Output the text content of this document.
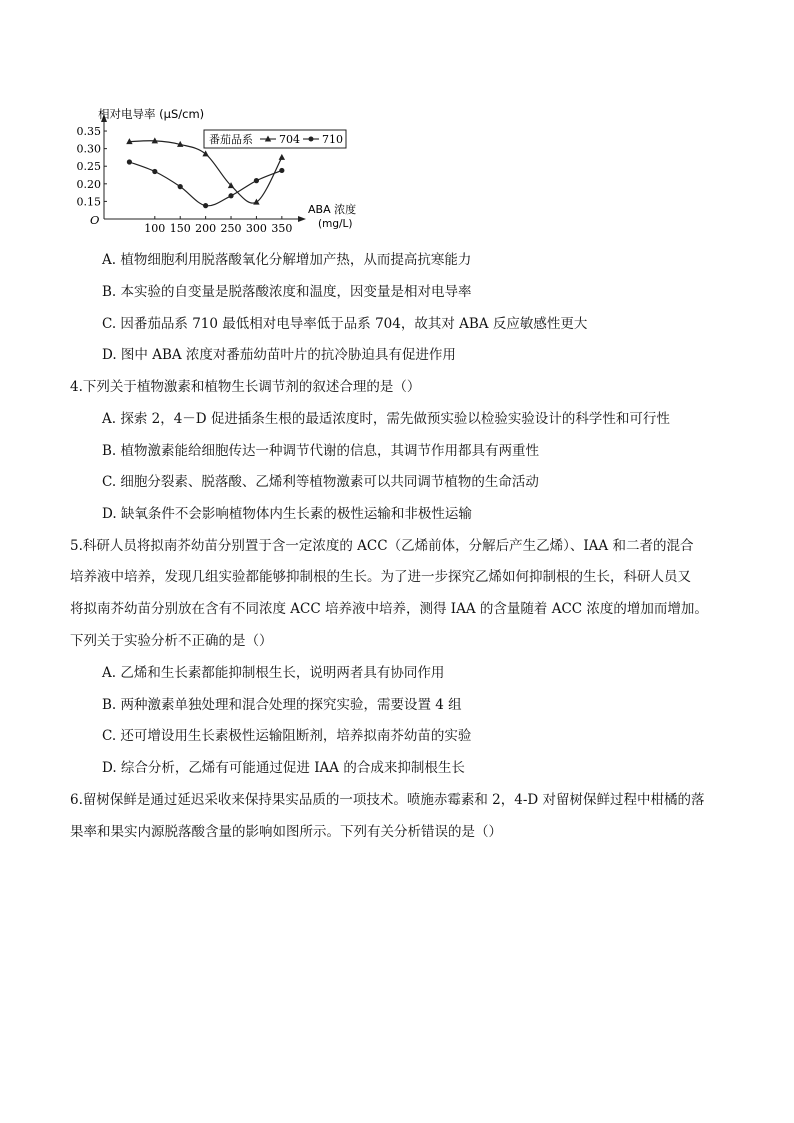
相对电导率 (μS/cm)
ABA 浓度
(mg/L)
O
100 150 200 250 300 350
0.35
0.30
0.25
0.20
0.15
番茄品系 704 710
A. 植物细胞利用脱落酸氧化分解增加产热，从而提高抗寒能力
B. 本实验的自变量是脱落酸浓度和温度，因变量是相对电导率
C. 因番茄品系 710 最低相对电导率低于品系 704，故其对 ABA 反应敏感性更大
D. 图中 ABA 浓度对番茄幼苗叶片的抗冷胁迫具有促进作用
4.下列关于植物激素和植物生长调节剂的叙述合理的是（）
A. 探索 2，4－D 促进插条生根的最适浓度时，需先做预实验以检验实验设计的科学性和可行性
B. 植物激素能给细胞传达一种调节代谢的信息，其调节作用都具有两重性
C. 细胞分裂素、脱落酸、乙烯利等植物激素可以共同调节植物的生命活动
D. 缺氧条件不会影响植物体内生长素的极性运输和非极性运输
5.科研人员将拟南芥幼苗分别置于含一定浓度的 ACC（乙烯前体，分解后产生乙烯）、IAA 和二者的混合
培养液中培养，发现几组实验都能够抑制根的生长。为了进一步探究乙烯如何抑制根的生长，科研人员又
将拟南芥幼苗分别放在含有不同浓度 ACC 培养液中培养，测得 IAA 的含量随着 ACC 浓度的增加而增加。
下列关于实验分析不正确的是（）
A. 乙烯和生长素都能抑制根生长，说明两者具有协同作用
B. 两种激素单独处理和混合处理的探究实验，需要设置 4 组
C. 还可增设用生长素极性运输阻断剂，培养拟南芥幼苗的实验
D. 综合分析，乙烯有可能通过促进 IAA 的合成来抑制根生长
6.留树保鲜是通过延迟采收来保持果实品质的一项技术。喷施赤霉素和 2，4-D 对留树保鲜过程中柑橘的落
果率和果实内源脱落酸含量的影响如图所示。下列有关分析错误的是（）
